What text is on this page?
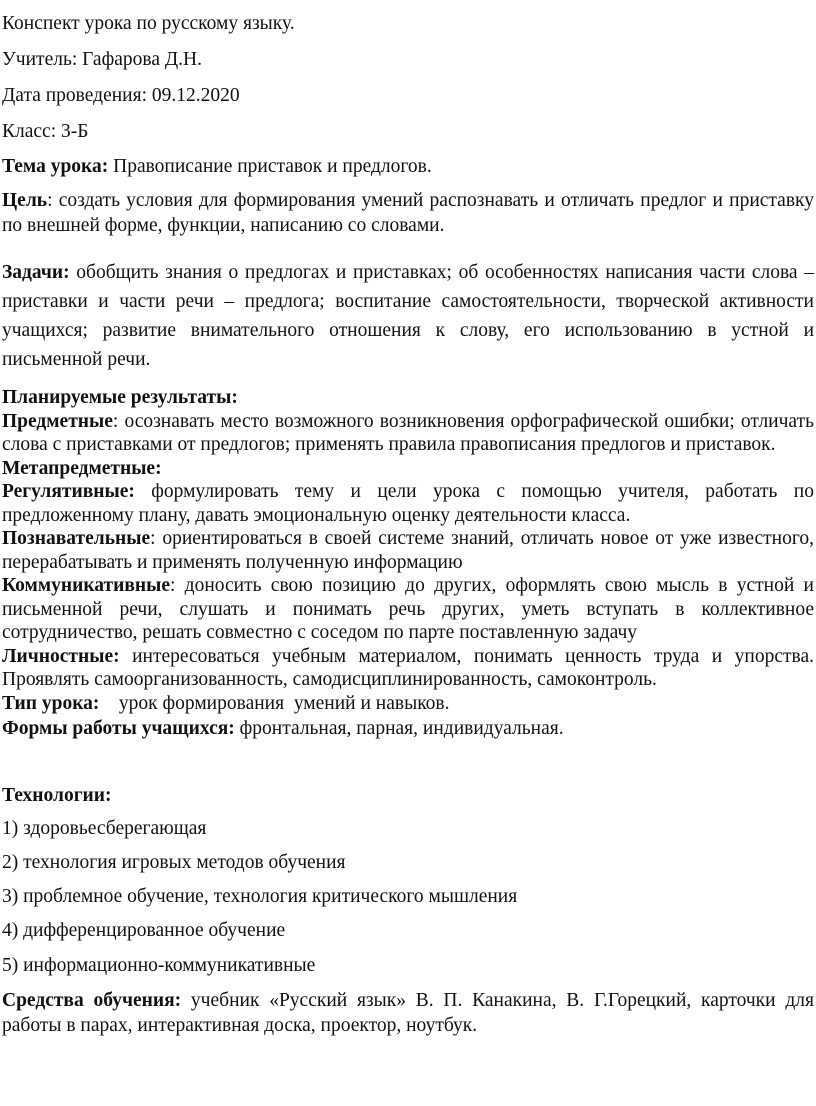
Конспект урока по русскому языку.

Учитель: Гафарова Д.Н.

Дата проведения: 09.12.2020

Класс: 3-Б

Тема урока: Правописание приставок и предлогов.

Цель: создать условия для формирования умений распознавать и отличать предлог и приставку по внешней форме, функции, написанию со словами.

Задачи: обобщить знания о предлогах и приставках; об особенностях написания части слова – приставки и части речи – предлога; воспитание самостоятельности, творческой активности учащихся; развитие внимательного отношения к слову, его использованию в устной и письменной речи.

Планируемые результаты:

Предметные: осознавать место возможного возникновения орфографической ошибки; отличать слова с приставками от предлогов; применять правила правописания предлогов и приставок.

Метапредметные:

Регулятивные: формулировать тему и цели урока с помощью учителя, работать по предложенному плану, давать эмоциональную оценку деятельности класса.

Познавательные: ориентироваться в своей системе знаний, отличать новое от уже известного, перерабатывать и применять полученную информацию

Коммуникативные: доносить свою позицию до других, оформлять свою мысль в устной и письменной речи, слушать и понимать речь других, уметь вступать в коллективное сотрудничество, решать совместно с соседом по парте поставленную задачу

Личностные: интересоваться учебным материалом, понимать ценность труда и упорства. Проявлять самоорганизованность, самодисциплинированность, самоконтроль.

Тип урока:    урок формирования  умений и навыков.

Формы работы учащихся: фронтальная, парная, индивидуальная.

Технологии:

1) здоровьесберегающая

2) технология игровых методов обучения

3) проблемное обучение, технология критического мышления

4) дифференцированное обучение

5) информационно-коммуникативные

Средства обучения: учебник «Русский язык» В. П. Канакина, В. Г.Горецкий, карточки для работы в парах, интерактивная доска, проектор, ноутбук.
